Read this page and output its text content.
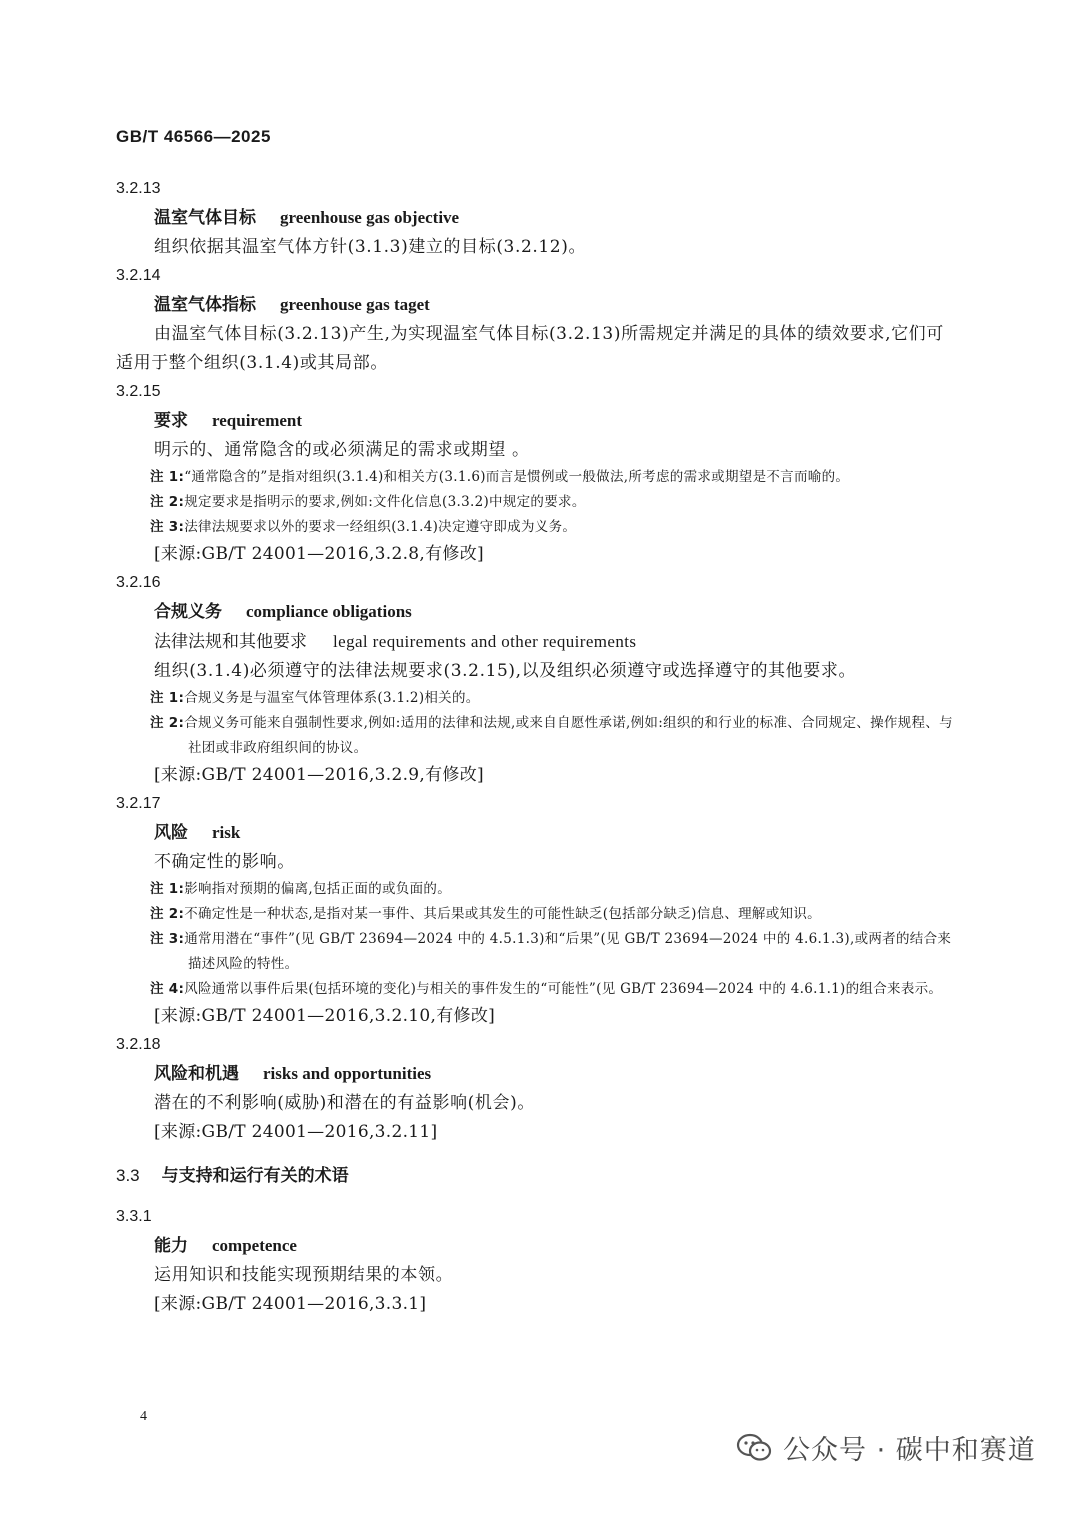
GB/T 46566—2025
3.2.13
温室气体目标 greenhouse gas objective
组织依据其温室气体方针(3.1.3)建立的目标(3.2.12)。
3.2.14
温室气体指标 greenhouse gas taget
由温室气体目标(3.2.13)产生,为实现温室气体目标(3.2.13)所需规定并满足的具体的绩效要求,它们可适用于整个组织(3.1.4)或其局部。
3.2.15
要求 requirement
明示的、通常隐含的或必须满足的需求或期望 。
注 1:“通常隐含的”是指对组织(3.1.4)和相关方(3.1.6)而言是惯例或一般做法,所考虑的需求或期望是不言而喻的。
注 2:规定要求是指明示的要求,例如:文件化信息(3.3.2)中规定的要求。
注 3:法律法规要求以外的要求一经组织(3.1.4)决定遵守即成为义务。
[来源:GB/T 24001—2016,3.2.8,有修改]
3.2.16
合规义务 compliance obligations
法律法规和其他要求 legal requirements and other requirements
组织(3.1.4)必须遵守的法律法规要求(3.2.15),以及组织必须遵守或选择遵守的其他要求。
注 1:合规义务是与温室气体管理体系(3.1.2)相关的。
注 2:合规义务可能来自强制性要求,例如:适用的法律和法规,或来自自愿性承诺,例如:组织的和行业的标准、合同规定、操作规程、与社团或非政府组织间的协议。
[来源:GB/T 24001—2016,3.2.9,有修改]
3.2.17
风险 risk
不确定性的影响。
注 1:影响指对预期的偏离,包括正面的或负面的。
注 2:不确定性是一种状态,是指对某一事件、其后果或其发生的可能性缺乏(包括部分缺乏)信息、理解或知识。
注 3:通常用潜在“事件”(见 GB/T 23694—2024 中的 4.5.1.3)和“后果”(见 GB/T 23694—2024 中的 4.6.1.3),或两者的结合来描述风险的特性。
注 4:风险通常以事件后果(包括环境的变化)与相关的事件发生的“可能性”(见 GB/T 23694—2024 中的 4.6.1.1)的组合来表示。
[来源:GB/T 24001—2016,3.2.10,有修改]
3.2.18
风险和机遇 risks and opportunities
潜在的不利影响(威胁)和潜在的有益影响(机会)。
[来源:GB/T 24001—2016,3.2.11]
3.3 与支持和运行有关的术语
3.3.1
能力 competence
运用知识和技能实现预期结果的本领。
[来源:GB/T 24001—2016,3.3.1]
4
公众号 · 碳中和赛道
